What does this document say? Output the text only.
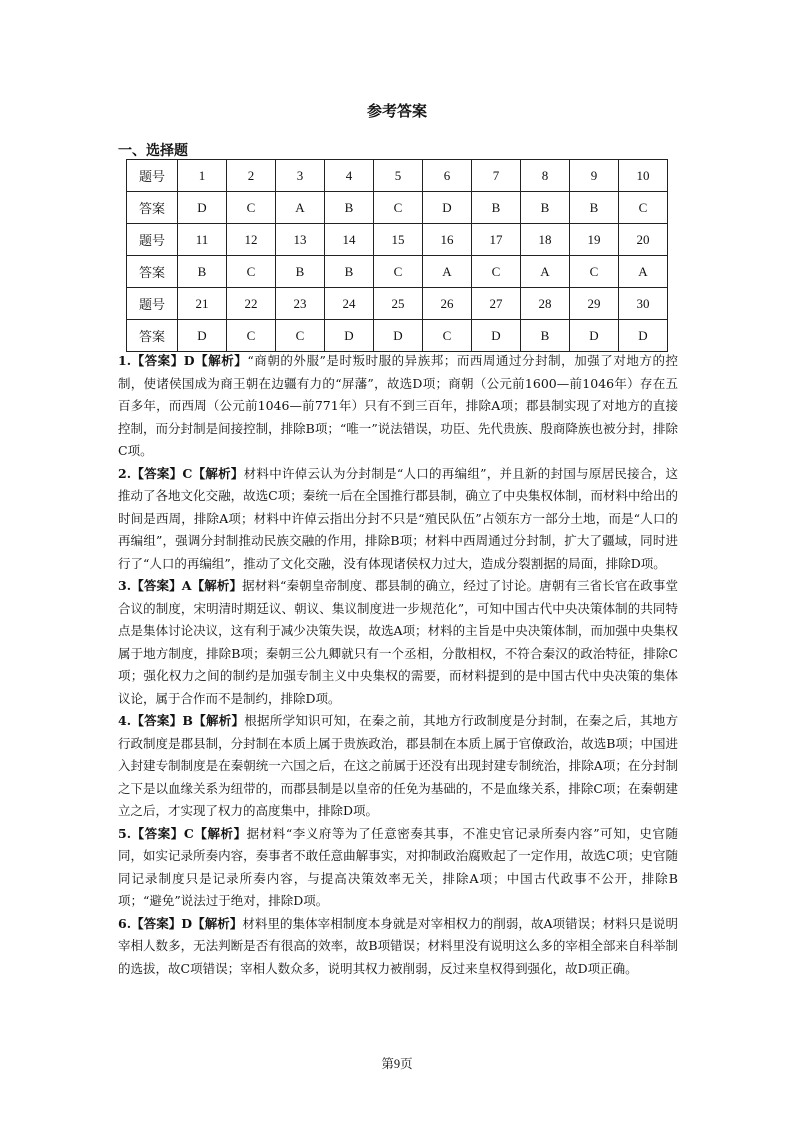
参考答案
一、选择题
题号	1	2	3	4	5	6	7	8	9	10
答案	D	C	A	B	C	D	B	B	B	C
题号	11	12	13	14	15	16	17	18	19	20
答案	B	C	B	B	C	A	C	A	C	A
题号	21	22	23	24	25	26	27	28	29	30
答案	D	C	C	D	D	C	D	B	D	D

1.【答案】D【解析】“商朝的外服”是时叛时服的异族邦；而西周通过分封制，加强了对地方的控制，使诸侯国成为商王朝在边疆有力的“屏藩”，故选D项；商朝（公元前1600—前1046年）存在五百多年，而西周（公元前1046—前771年）只有不到三百年，排除A项；郡县制实现了对地方的直接控制，而分封制是间接控制，排除B项；“唯一”说法错误，功臣、先代贵族、殷商降族也被分封，排除C项。

2.【答案】C【解析】材料中许倬云认为分封制是“人口的再编组”，并且新的封国与原居民接合，这推动了各地文化交融，故选C项；秦统一后在全国推行郡县制，确立了中央集权体制，而材料中给出的时间是西周，排除A项；材料中许倬云指出分封不只是“殖民队伍”占领东方一部分土地，而是“人口的再编组”，强调分封制推动民族交融的作用，排除B项；材料中西周通过分封制，扩大了疆域，同时进行了“人口的再编组”，推动了文化交融，没有体现诸侯权力过大，造成分裂割据的局面，排除D项。

3.【答案】A【解析】据材料“秦朝皇帝制度、郡县制的确立，经过了讨论。唐朝有三省长官在政事堂合议的制度，宋明清时期廷议、朝议、集议制度进一步规范化”，可知中国古代中央决策体制的共同特点是集体讨论决议，这有利于减少决策失误，故选A项；材料的主旨是中央决策体制，而加强中央集权属于地方制度，排除B项；秦朝三公九卿就只有一个丞相，分散相权，不符合秦汉的政治特征，排除C项；强化权力之间的制约是加强专制主义中央集权的需要，而材料提到的是中国古代中央决策的集体议论，属于合作而不是制约，排除D项。

4.【答案】B【解析】根据所学知识可知，在秦之前，其地方行政制度是分封制，在秦之后，其地方行政制度是郡县制，分封制在本质上属于贵族政治，郡县制在本质上属于官僚政治，故选B项；中国进入封建专制制度是在秦朝统一六国之后，在这之前属于还没有出现封建专制统治，排除A项；在分封制之下是以血缘关系为纽带的，而郡县制是以皇帝的任免为基础的，不是血缘关系，排除C项；在秦朝建立之后，才实现了权力的高度集中，排除D项。

5.【答案】C【解析】据材料“李义府等为了任意密奏其事，不准史官记录所奏内容”可知，史官随同，如实记录所奏内容，奏事者不敢任意曲解事实，对抑制政治腐败起了一定作用，故选C项；史官随同记录制度只是记录所奏内容，与提高决策效率无关，排除A项；中国古代政事不公开，排除B项；“避免”说法过于绝对，排除D项。

6.【答案】D【解析】材料里的集体宰相制度本身就是对宰相权力的削弱，故A项错误；材料只是说明宰相人数多，无法判断是否有很高的效率，故B项错误；材料里没有说明这么多的宰相全部来自科举制的选拔，故C项错误；宰相人数众多，说明其权力被削弱，反过来皇权得到强化，故D项正确。

第9页
